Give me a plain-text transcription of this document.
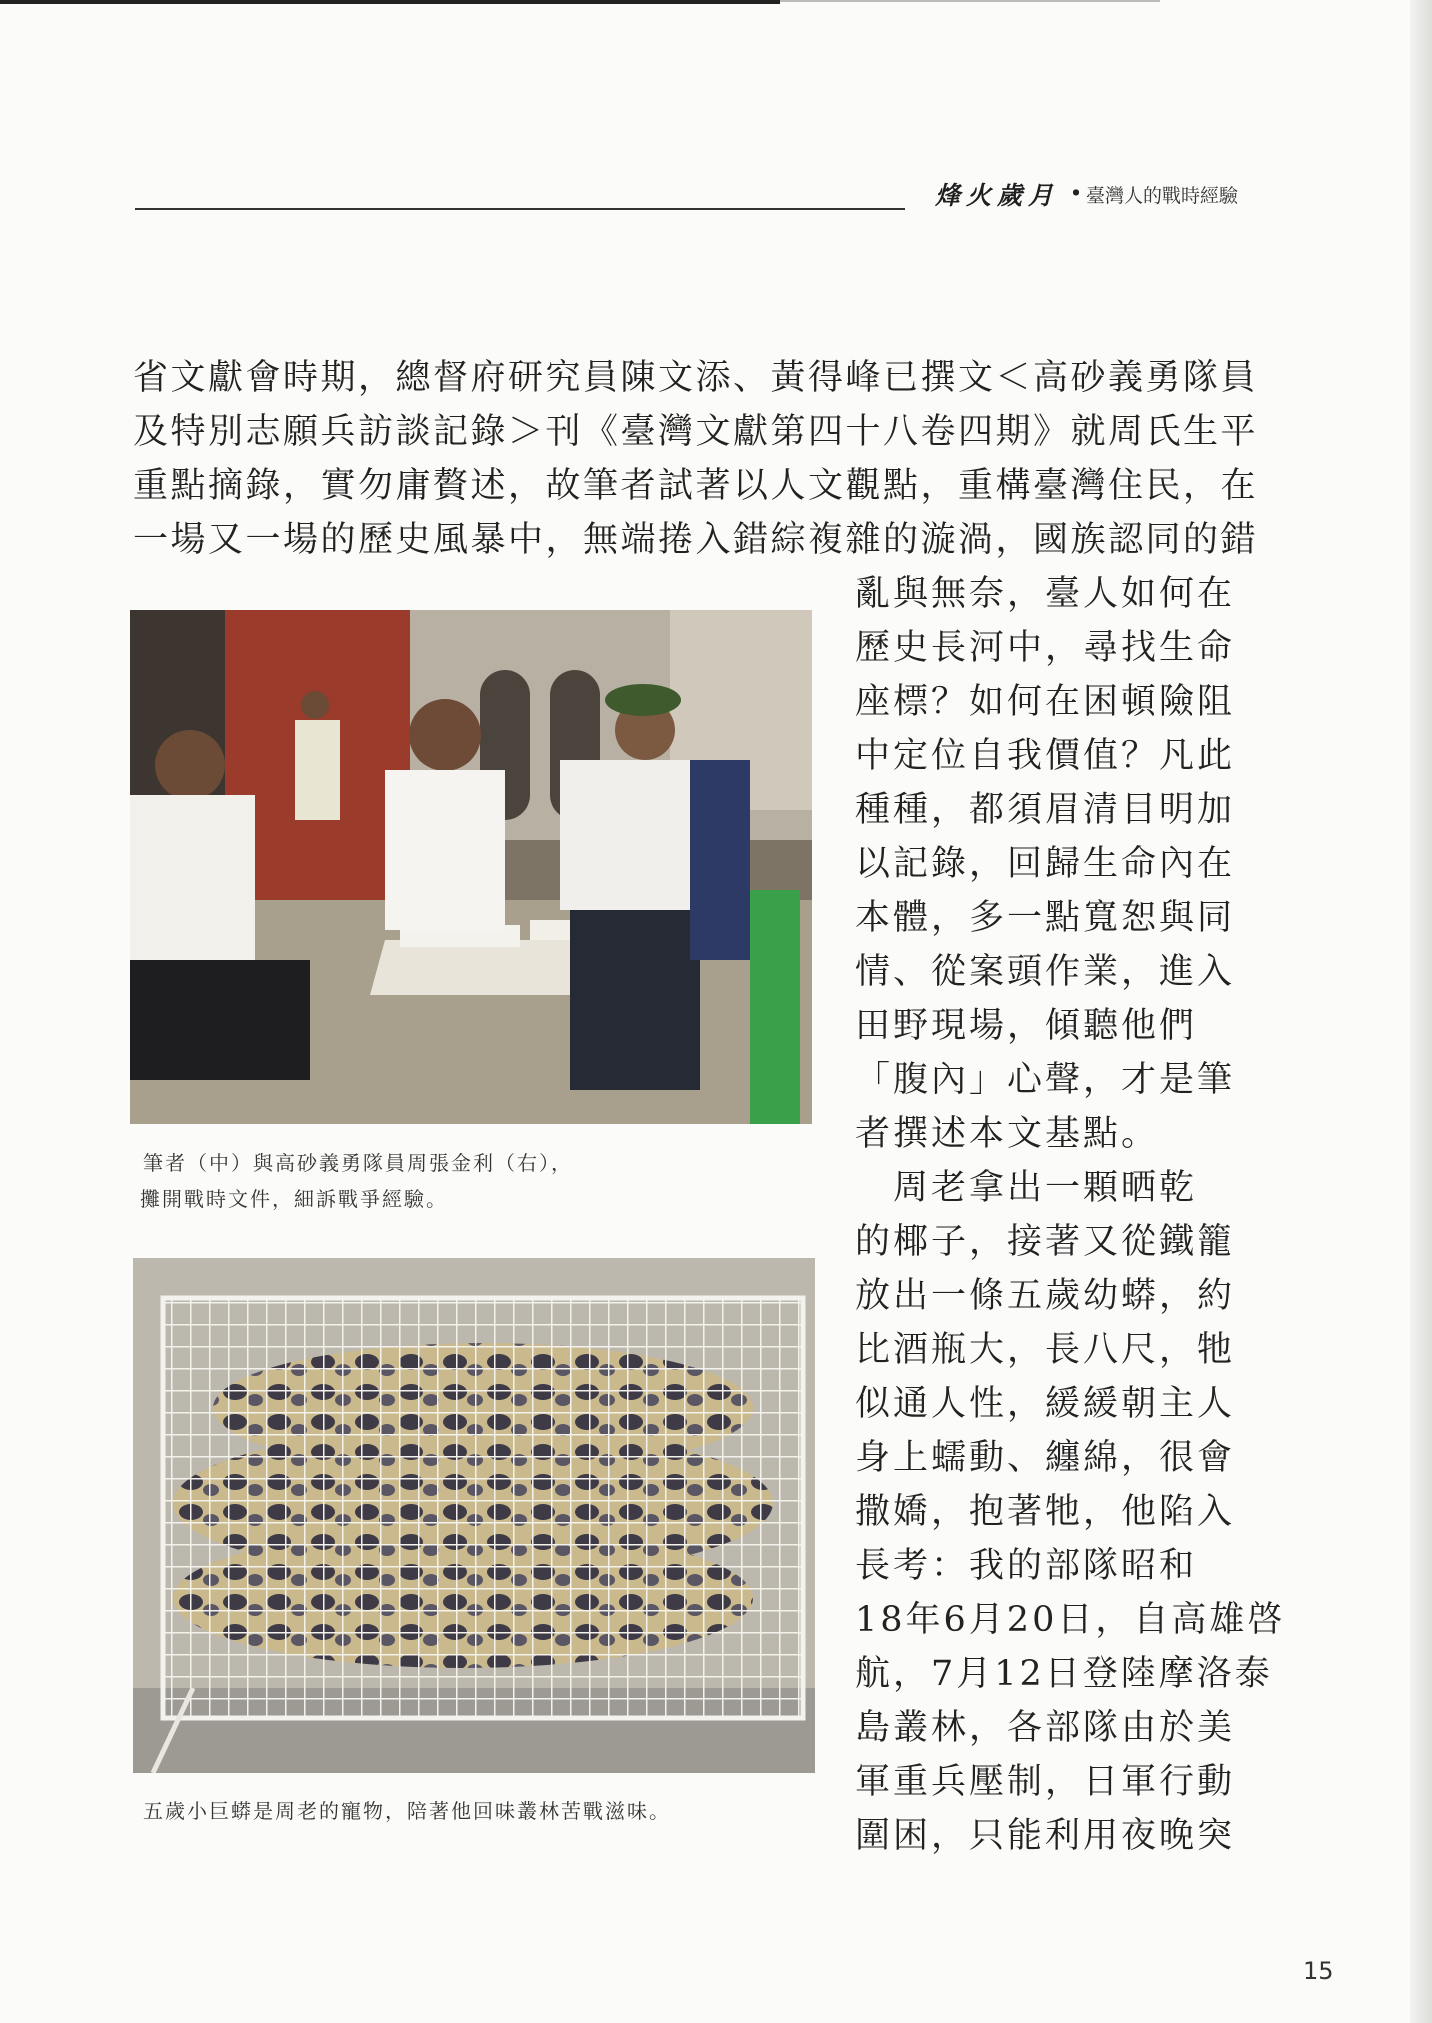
烽火歲月 ・
臺灣人的戰時經驗
省文獻會時期，總督府研究員陳文添、黃得峰已撰文＜高砂義勇隊員
及特別志願兵訪談記錄＞刊《臺灣文獻第四十八卷四期》就周氏生平
重點摘錄，實勿庸贅述，故筆者試著以人文觀點，重構臺灣住民，在
一場又一場的歷史風暴中，無端捲入錯綜複雜的漩渦，國族認同的錯
亂與無奈，臺人如何在
歷史長河中，尋找生命
座標？如何在困頓險阻
中定位自我價值？凡此
種種，都須眉清目明加
以記錄，回歸生命內在
本體，多一點寬恕與同
情、從案頭作業，進入
田野現場，傾聽他們
「腹內」心聲，才是筆
者撰述本文基點。
　周老拿出一顆晒乾
的椰子，接著又從鐵籠
放出一條五歲幼蟒，約
比酒瓶大，長八尺，牠
似通人性，緩緩朝主人
身上蠕動、纏綿，很會
撒嬌，抱著牠，他陷入
長考：我的部隊昭和
18年6月20日，自高雄啓
航，7月12日登陸摩洛泰
島叢林，各部隊由於美
軍重兵壓制，日軍行動
圍困，只能利用夜晚突
筆者（中）與高砂義勇隊員周張金利（右），
攤開戰時文件，細訴戰爭經驗。
五歲小巨蟒是周老的寵物，陪著他回味叢林苦戰滋味。
15
